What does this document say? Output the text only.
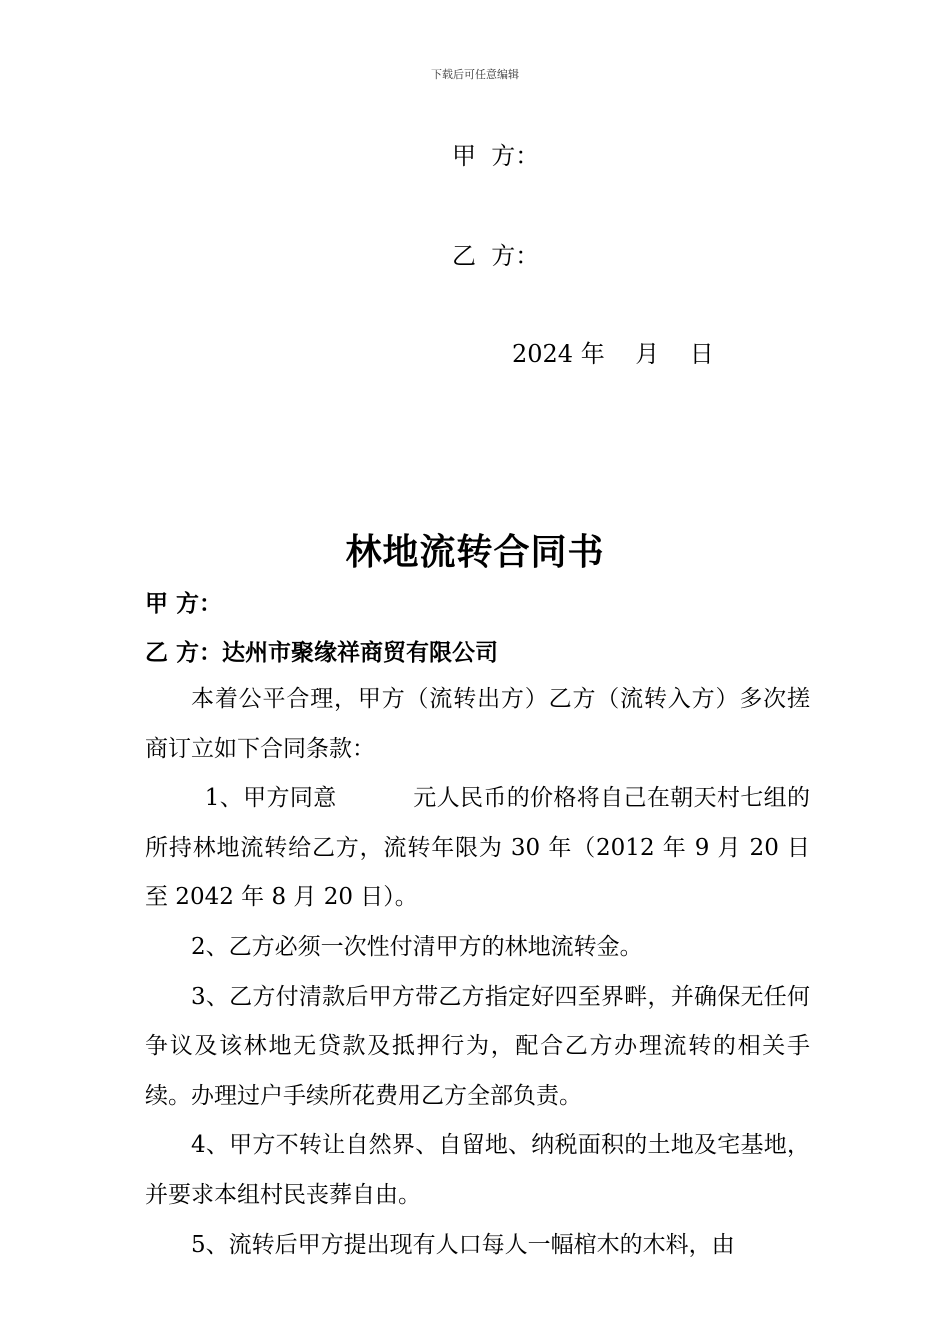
下载后可任意编辑
甲  方：
乙  方：
2024 年    月    日
林地流转合同书
甲 方：
乙 方：达州市聚缘祥商贸有限公司

本着公平合理，甲方（流转出方）乙方（流转入方）多次搓商订立如下合同条款：

1、甲方同意          元人民币的价格将自己在朝天村七组的所持林地流转给乙方，流转年限为 30 年（2012 年 9 月 20 日至 2042 年 8 月 20 日）。

2、乙方必须一次性付清甲方的林地流转金。

3、乙方付清款后甲方带乙方指定好四至界畔，并确保无任何争议及该林地无贷款及抵押行为，配合乙方办理流转的相关手续。办理过户手续所花费用乙方全部负责。

4、甲方不转让自然界、自留地、纳税面积的土地及宅基地，并要求本组村民丧葬自由。

5、流转后甲方提出现有人口每人一幅棺木的木料，由
